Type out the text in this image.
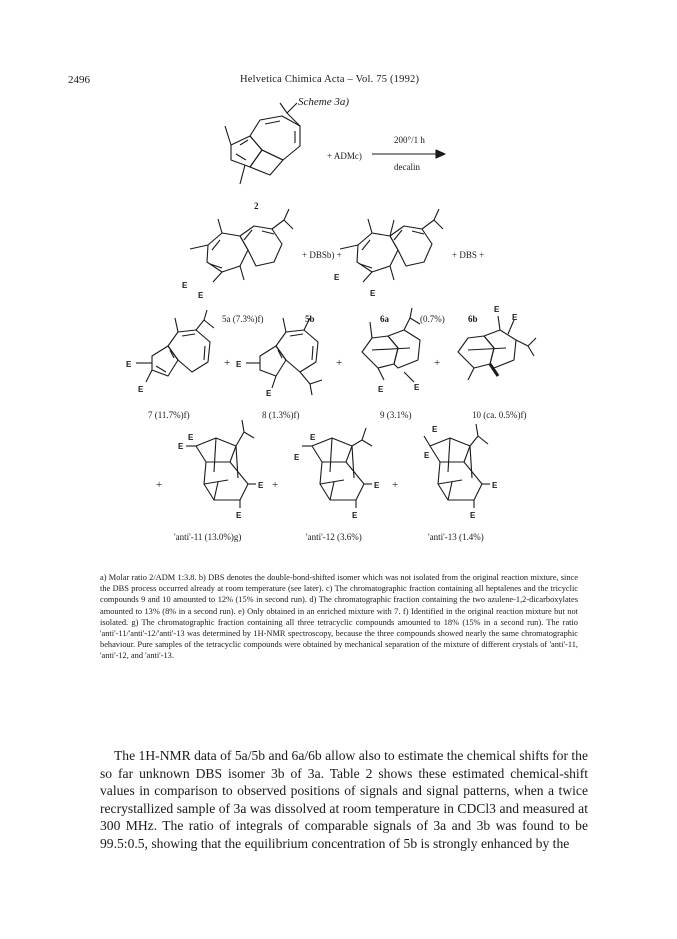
2496	Helvetica Chimica Acta – Vol. 75 (1992)
Scheme 3a)
+ ADMc)
200°/1 h
decalin
2
E
E
+ DBSb) +
E
E
+ DBS +
5a (7.3%)f)	5b	6a	(0.7%)	6b
E
E
+ E
E
+
E	E
+
E
E
7 (11.7%)f)	8 (1.3%)f)	9 (3.1%)	10 (ca. 0.5%)f)
+
E
E
E
E
+
E
E
E
E
+
E
E
E
E
'anti'-11 (13.0%)g)	'anti'-12 (3.6%)	'anti'-13 (1.4%)

a) Molar ratio 2/ADM 1:3.8. b) DBS denotes the double-bond-shifted isomer which was not isolated from the original reaction mixture, since the DBS process occurred already at room temperature (see later). c) The chromatographic fraction containing all heptalenes and the tricyclic compounds 9 and 10 amounted to 12% (15% in second run). d) The chromatographic fraction containing the two azulene-1,2-dicarboxylates amounted to 13% (8% in a second run). e) Only obtained in an enriched mixture with 7. f) Identified in the original reaction mixture but not isolated. g) The chromatographic fraction containing all three tetracyclic compounds amounted to 18% (15% in a second run). The ratio 'anti'-11/'anti'-12/'anti'-13 was determined by 1H-NMR spectroscopy, because the three compounds showed nearly the same chromatographic behaviour. Pure samples of the tetracyclic compounds were obtained by mechanical separation of the mixture of different crystals of 'anti'-11, 'anti'-12, and 'anti'-13.

The 1H-NMR data of 5a/5b and 6a/6b allow also to estimate the chemical shifts for the so far unknown DBS isomer 3b of 3a. Table 2 shows these estimated chemical-shift values in comparison to observed positions of signals and signal patterns, when a twice recrystallized sample of 3a was dissolved at room temperature in CDCl3 and measured at 300 MHz. The ratio of integrals of comparable signals of 3a and 3b was found to be 99.5:0.5, showing that the equilibrium concentration of 5b is strongly enhanced by the
